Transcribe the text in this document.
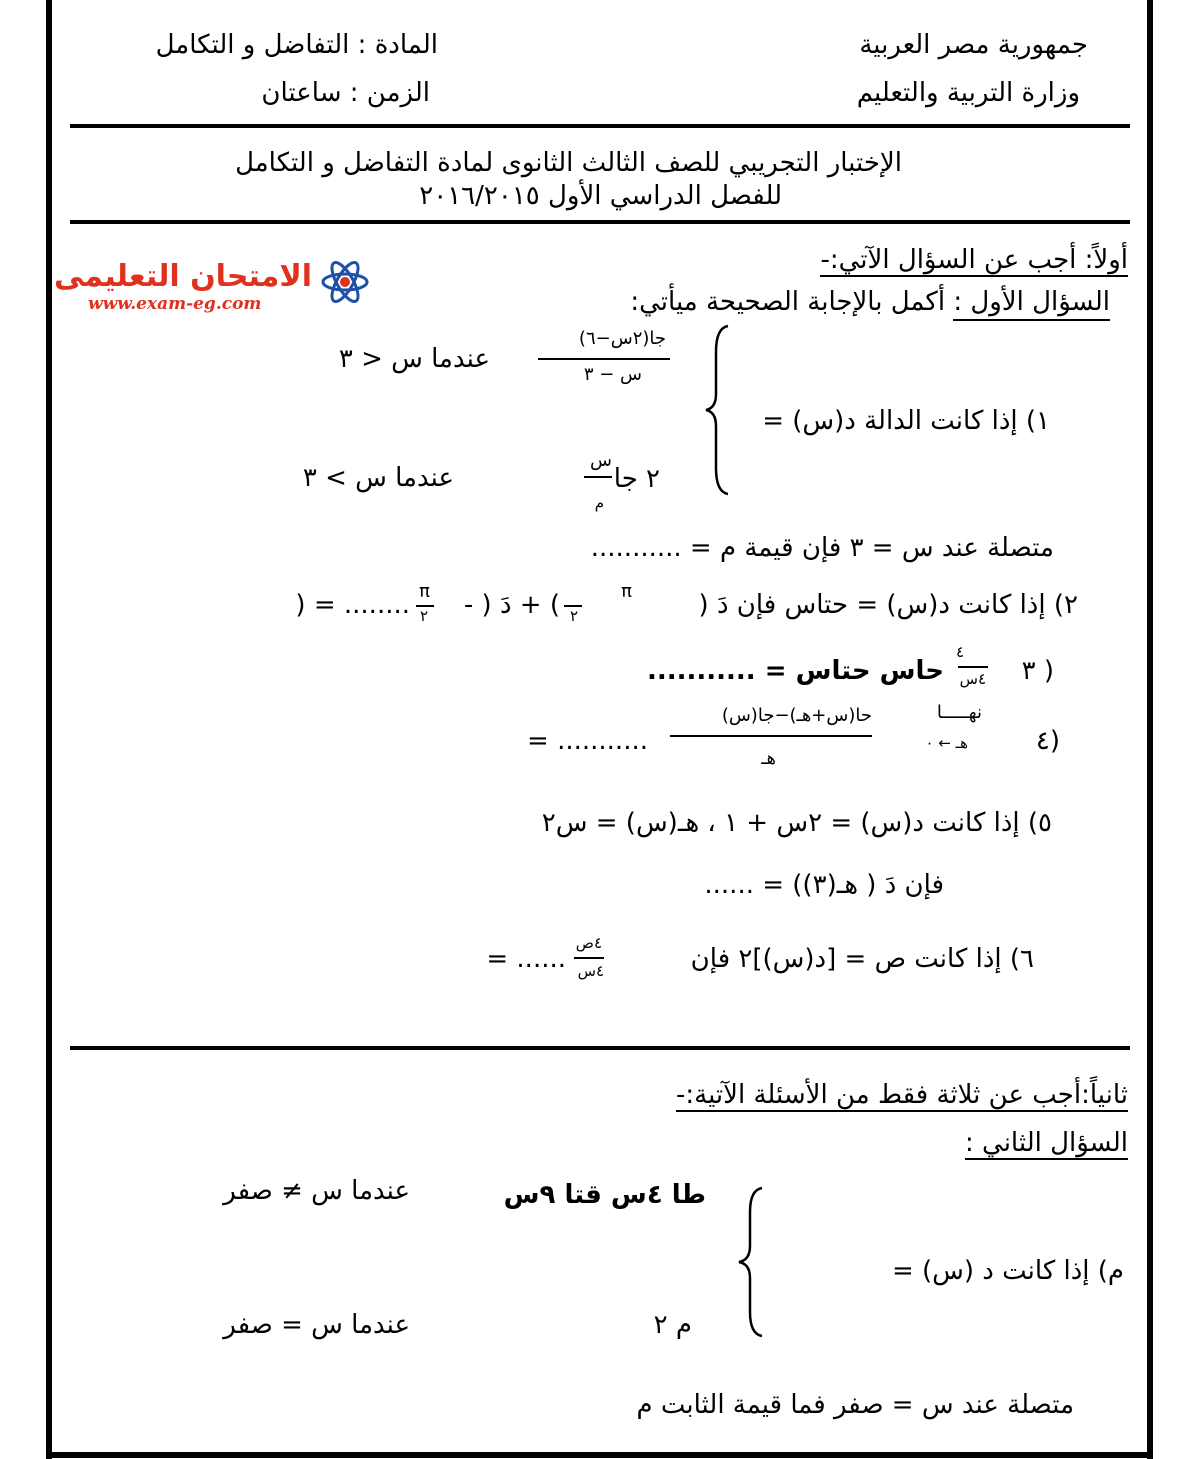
جمهورية مصر العربية
وزارة التربية والتعليم
المادة : التفاضل و التكامل
الزمن : ساعتان
الإختبار التجريبي للصف الثالث الثانوى لمادة التفاضل و التكامل
للفصل الدراسي الأول ٢٠١٦/٢٠١٥
الامتحان التعليمى
www.exam-eg.com
أولاً: أجب عن السؤال الآتي:-
السؤال الأول : أكمل بالإجابة الصحيحة ميأتي:
١) إذا كانت الدالة د(س) =
جا(٢س−٦)
س − ٣
عندما س < ٣
٢ جا
س
م
عندما س > ٣
متصلة عند س = ٣ فإن قيمة م = ...........
٢) إذا كانت د(س) = حتاس فإن دَ (
π
٢
) + دَ ( -
π
٢
) = ........
٣ )
٤
٤س
حاس حتاس = ...........
٤)
نهـــــا
هـ ← ٠
حا(س+هـ)−جا(س)
هـ
= ...........
٥) إذا كانت د(س) = ٢س + ١ ، هـ(س) = س٢
فإن دَ ( هـ(٣)) = ......
٦) إذا كانت ص = [د(س)]٢ فإن
٤ص
٤س
= ......
ثانياً:أجب عن ثلاثة فقط من الأسئلة الآتية:-
السؤال الثاني :
م) إذا كانت د (س) =
طا ٤س قتا ٩س
عندما س ≠ صفر
م ٢
عندما س = صفر
متصلة عند س = صفر فما قيمة الثابت م
